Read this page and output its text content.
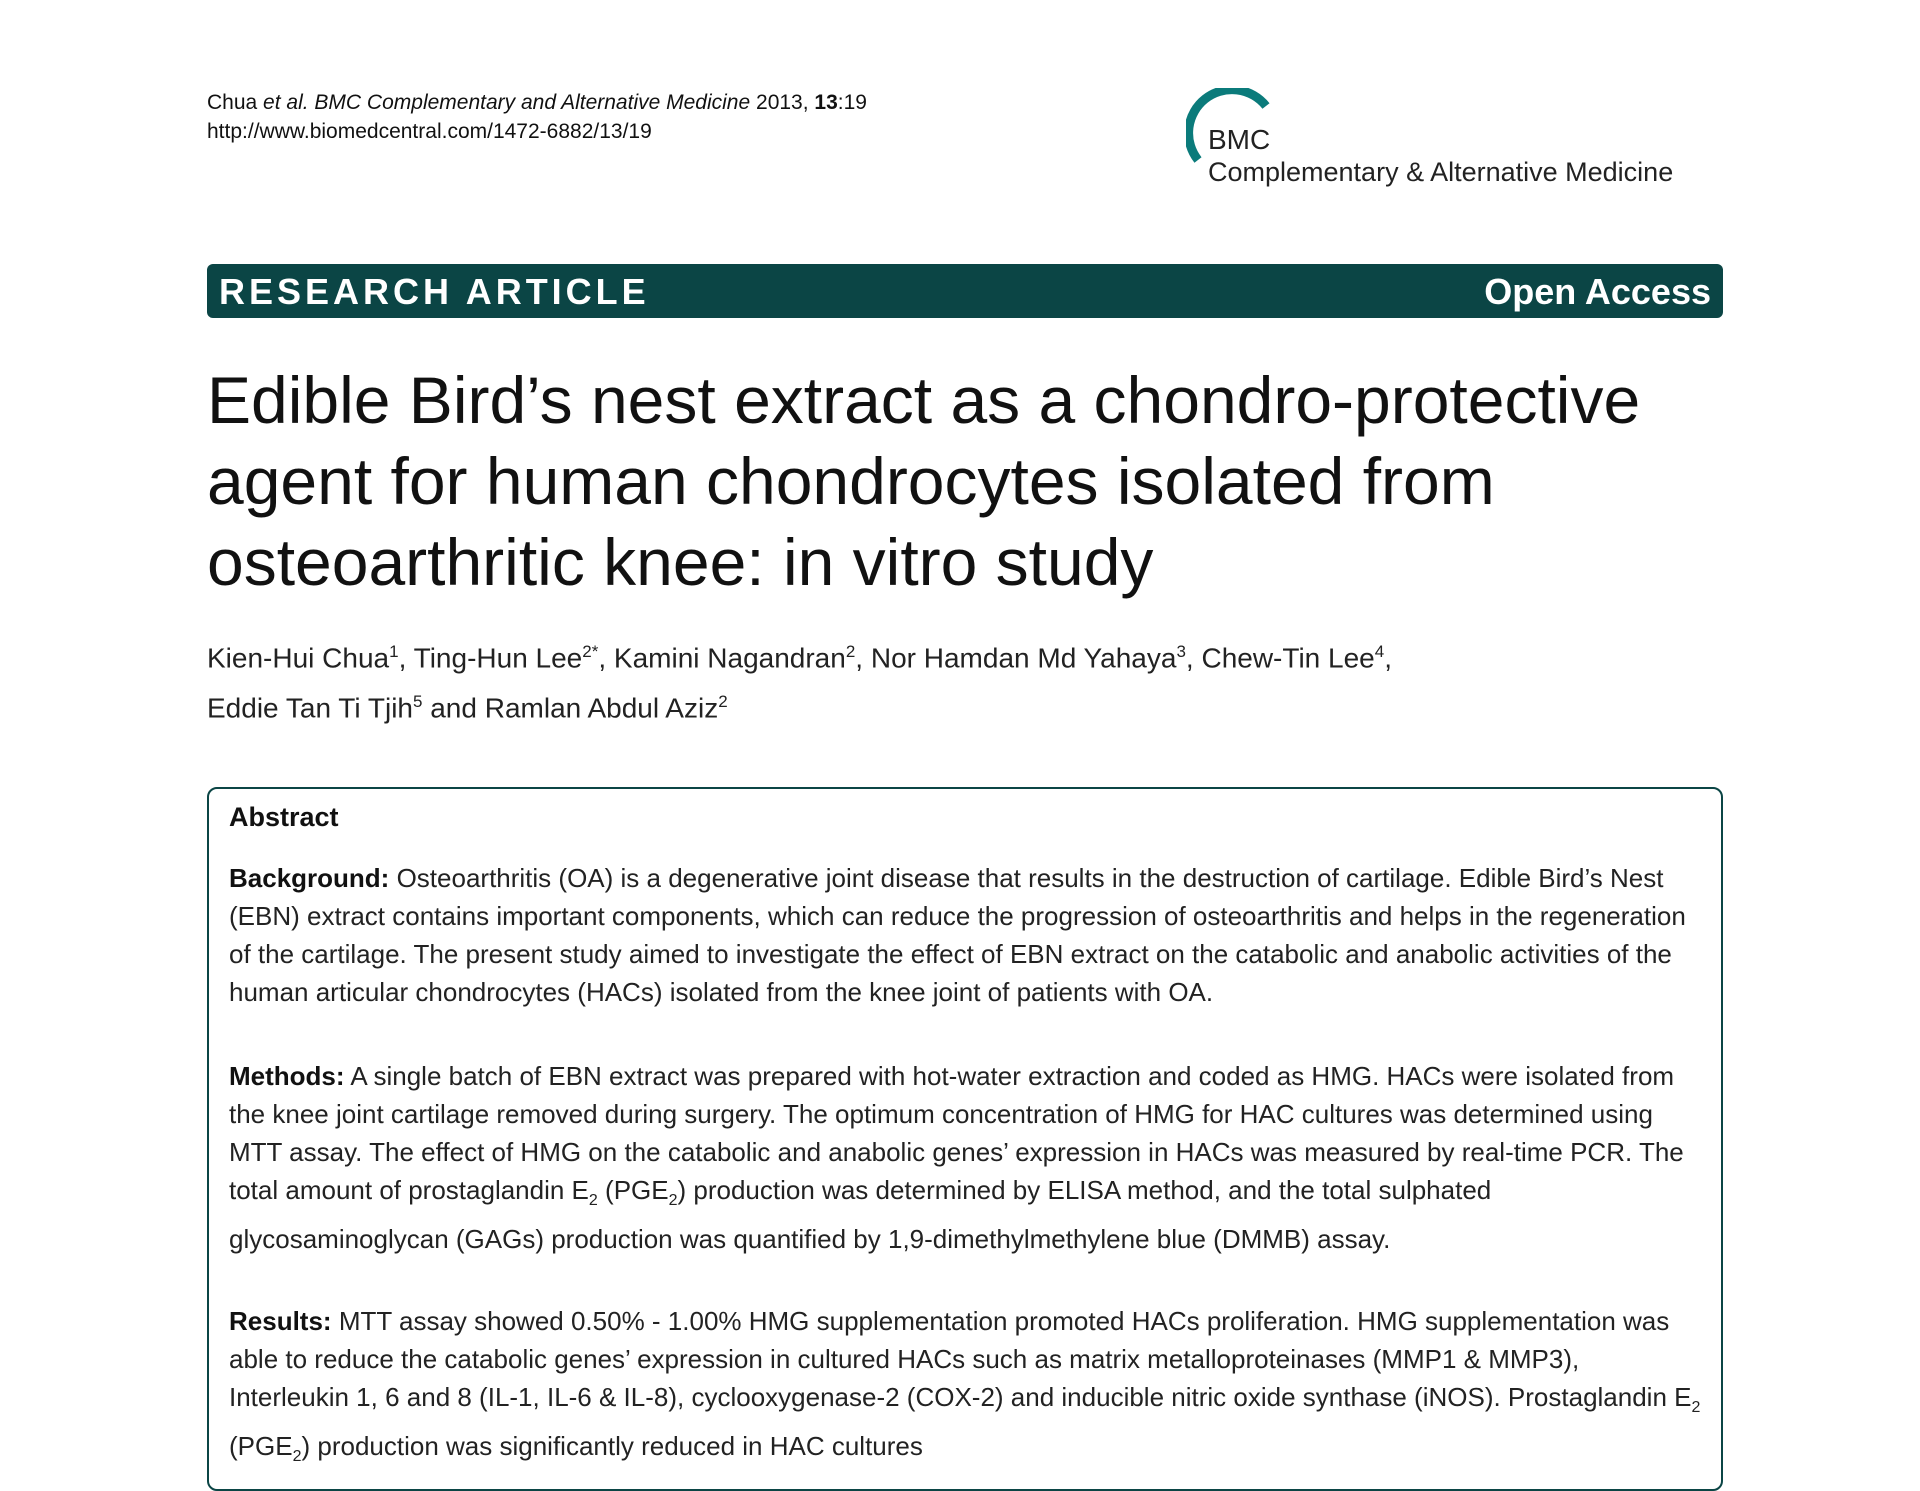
Chua et al. BMC Complementary and Alternative Medicine 2013, 13:19
http://www.biomedcentral.com/1472-6882/13/19	BMC
Complementary & Alternative Medicine
RESEARCH ARTICLE	Open Access
Edible Bird’s nest extract as a chondro-protective
agent for human chondrocytes isolated from
osteoarthritic knee: in vitro study
Kien-Hui Chua$^1$, Ting-Hun Lee$^{2*}$, Kamini Nagandran$^2$, Nor Hamdan Md Yahaya$^3$, Chew-Tin Lee$^4$,
Eddie Tan Ti Tjih$^5$ and Ramlan Abdul Aziz$^2$
Abstract
Background: Osteoarthritis (OA) is a degenerative joint disease that results in the destruction of cartilage. Edible Bird’s Nest (EBN) extract contains important components, which can reduce the progression of osteoarthritis and helps in the regeneration of the cartilage. The present study aimed to investigate the effect of EBN extract on the catabolic and anabolic activities of the human articular chondrocytes (HACs) isolated from the knee joint of patients with OA.
Methods: A single batch of EBN extract was prepared with hot-water extraction and coded as HMG. HACs were isolated from the knee joint cartilage removed during surgery. The optimum concentration of HMG for HAC cultures was determined using MTT assay. The effect of HMG on the catabolic and anabolic genes’ expression in HACs was measured by real-time PCR. The total amount of prostaglandin $E_2$ $(PGE_2)$ production was determined by ELISA method, and the total sulphated glycosaminoglycan (GAGs) production was quantified by 1,9-dimethylmethylene blue (DMMB) assay.
Results: MTT assay showed 0.50% - 1.00% HMG supplementation promoted HACs proliferation. HMG supplementation was able to reduce the catabolic genes’ expression in cultured HACs such as matrix metalloproteinases (MMP1 & MMP3), Interleukin 1, 6 and 8 (IL-1, IL-6 & IL-8), cyclooxygenase-2 (COX-2) and inducible nitric oxide synthase (iNOS). Prostaglandin $E_2$ $(PGE_2)$ production was significantly reduced in HAC cultures
